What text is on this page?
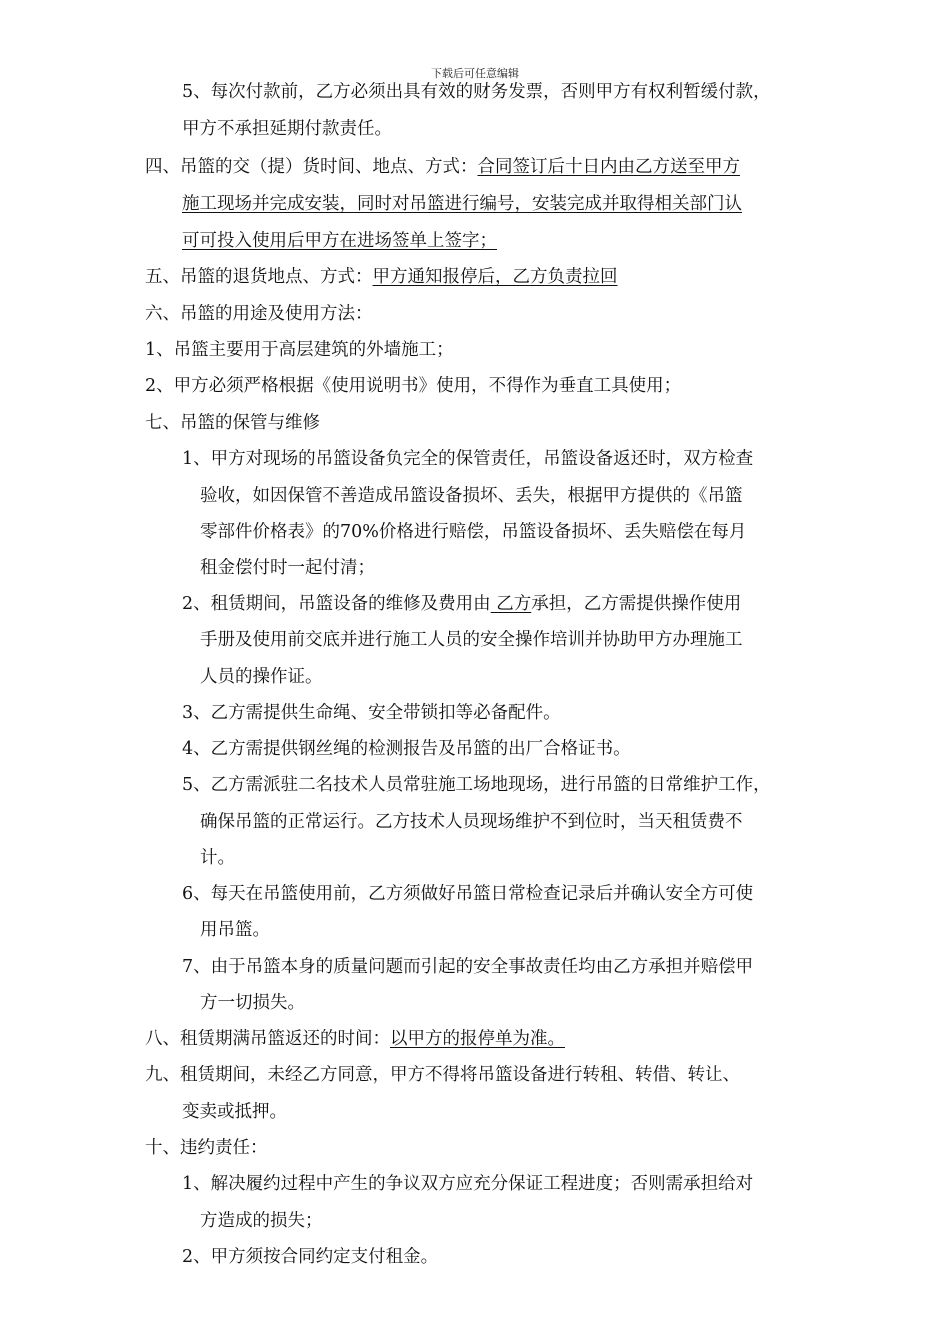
下载后可任意编辑
5、每次付款前，乙方必须出具有效的财务发票，否则甲方有权利暂缓付款，
甲方不承担延期付款责任。
四、吊篮的交（提）货时间、地点、方式：合同签订后十日内由乙方送至甲方
施工现场并完成安装，同时对吊篮进行编号，安装完成并取得相关部门认
可可投入使用后甲方在进场签单上签字；
五、吊篮的退货地点、方式：甲方通知报停后，乙方负责拉回
六、吊篮的用途及使用方法：
1、吊篮主要用于高层建筑的外墙施工；
2、甲方必须严格根据《使用说明书》使用，不得作为垂直工具使用；
七、吊篮的保管与维修
1、甲方对现场的吊篮设备负完全的保管责任，吊篮设备返还时，双方检查
验收，如因保管不善造成吊篮设备损坏、丢失，根据甲方提供的《吊篮
零部件价格表》的70%价格进行赔偿，吊篮设备损坏、丢失赔偿在每月
租金偿付时一起付清；
2、租赁期间，吊篮设备的维修及费用由 乙方承担，乙方需提供操作使用
手册及使用前交底并进行施工人员的安全操作培训并协助甲方办理施工
人员的操作证。
3、乙方需提供生命绳、安全带锁扣等必备配件。
4、乙方需提供钢丝绳的检测报告及吊篮的出厂合格证书。
5、乙方需派驻二名技术人员常驻施工场地现场，进行吊篮的日常维护工作，
确保吊篮的正常运行。乙方技术人员现场维护不到位时，当天租赁费不
计。
6、每天在吊篮使用前，乙方须做好吊篮日常检查记录后并确认安全方可使
用吊篮。
7、由于吊篮本身的质量问题而引起的安全事故责任均由乙方承担并赔偿甲
方一切损失。
八、租赁期满吊篮返还的时间：以甲方的报停单为准。
九、租赁期间，未经乙方同意，甲方不得将吊篮设备进行转租、转借、转让、
变卖或抵押。
十、违约责任：
1、解决履约过程中产生的争议双方应充分保证工程进度；否则需承担给对
方造成的损失；
2、甲方须按合同约定支付租金。
